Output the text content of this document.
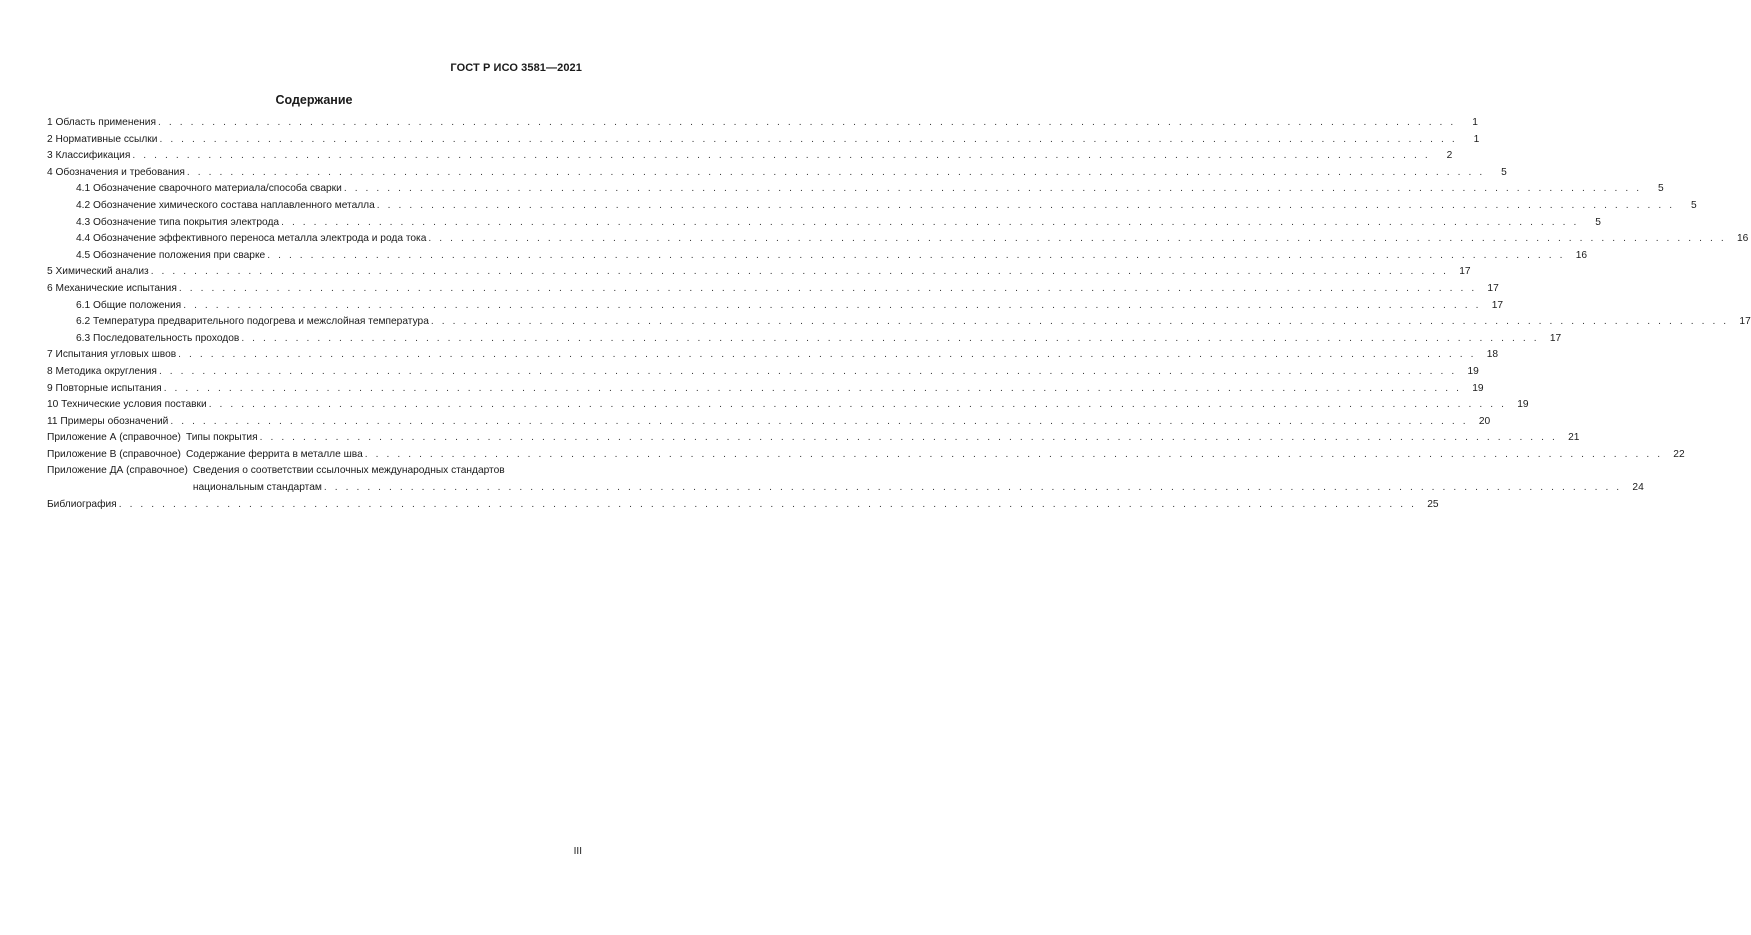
ГОСТ Р ИСО 3581—2021
Содержание
1 Область применения . . . . . . . . . . . . . . . . . . . . . . . . . . . . . . . . . . . . . . . . . . . . . . . . . . . . . . . . . . . . . . . . . . . . . . . . . . . . . . . . . . . . . . . . . . . . . . . . . . . . . . . . . . . . . . . . . . . . . . . .	1
2 Нормативные ссылки . . . . . . . . . . . . . . . . . . . . . . . . . . . . . . . . . . . . . . . . . . . . . . . . . . . . . . . . . . . . . . . . . . . . . . . . . . . . . . . . . . . . . . . . . . . . . . . . . . . . . . . . . . . . . . . . . . . . . . . .	1
3 Классификация . . . . . . . . . . . . . . . . . . . . . . . . . . . . . . . . . . . . . . . . . . . . . . . . . . . . . . . . . . . . . . . . . . . . . . . . . . . . . . . . . . . . . . . . . . . . . . . . . . . . . . . . . . . . . . . . . . . . . . . .	2
4 Обозначения и требования . . . . . . . . . . . . . . . . . . . . . . . . . . . . . . . . . . . . . . . . . . . . . . . . . . . . . . . . . . . . . . . . . . . . . . . . . . . . . . . . . . . . . . . . . . . . . . . . . . . . . . . . . . . . . . . . . . . . . . . .	5
4.1 Обозначение сварочного материала/способа сварки . . . . . . . . . . . . . . . . . . . . . . . . . . . . . . . . . . . . . . . . . . . . . . . . . . . . . . . . . . . . . . . . . . . . . . . . . . . . . . . . . . . . . . . . . . . . . . . . . . . . . . . . . . . . . . . . . . . . . . . .	5
4.2 Обозначение химического состава наплавленного металла . . . . . . . . . . . . . . . . . . . . . . . . . . . . . . . . . . . . . . . . . . . . . . . . . . . . . . . . . . . . . . . . . . . . . . . . . . . . . . . . . . . . . . . . . . . . . . . . . . . . . . . . . . . . . . . . . . . . . . . .	5
4.3 Обозначение типа покрытия электрода . . . . . . . . . . . . . . . . . . . . . . . . . . . . . . . . . . . . . . . . . . . . . . . . . . . . . . . . . . . . . . . . . . . . . . . . . . . . . . . . . . . . . . . . . . . . . . . . . . . . . . . . . . . . . . . . . . . . . . . .	5
4.4 Обозначение эффективного переноса металла электрода и рода тока . . . . . . . . . . . . . . . . . . . . . . . . . . . . . . . . . . . . . . . . . . . . . . . . . . . . . . . . . . . . . . . . . . . . . . . . . . . . . . . . . . . . . . . . . . . . . . . . . . . . . . . . . . . . . . . . . . . . . . . .	16
4.5 Обозначение положения при сварке . . . . . . . . . . . . . . . . . . . . . . . . . . . . . . . . . . . . . . . . . . . . . . . . . . . . . . . . . . . . . . . . . . . . . . . . . . . . . . . . . . . . . . . . . . . . . . . . . . . . . . . . . . . . . . . . . . . . . . . .	16
5 Химический анализ . . . . . . . . . . . . . . . . . . . . . . . . . . . . . . . . . . . . . . . . . . . . . . . . . . . . . . . . . . . . . . . . . . . . . . . . . . . . . . . . . . . . . . . . . . . . . . . . . . . . . . . . . . . . . . . . . . . . . . . .	17
6 Механические испытания . . . . . . . . . . . . . . . . . . . . . . . . . . . . . . . . . . . . . . . . . . . . . . . . . . . . . . . . . . . . . . . . . . . . . . . . . . . . . . . . . . . . . . . . . . . . . . . . . . . . . . . . . . . . . . . . . . . . . . . .	17
6.1 Общие положения . . . . . . . . . . . . . . . . . . . . . . . . . . . . . . . . . . . . . . . . . . . . . . . . . . . . . . . . . . . . . . . . . . . . . . . . . . . . . . . . . . . . . . . . . . . . . . . . . . . . . . . . . . . . . . . . . . . . . . . .	17
6.2 Температура предварительного подогрева и межслойная температура . . . . . . . . . . . . . . . . . . . . . . . . . . . . . . . . . . . . . . . . . . . . . . . . . . . . . . . . . . . . . . . . . . . . . . . . . . . . . . . . . . . . . . . . . . . . . . . . . . . . . . . . . . . . . . . . . . . . . . . .	17
6.3 Последовательность проходов . . . . . . . . . . . . . . . . . . . . . . . . . . . . . . . . . . . . . . . . . . . . . . . . . . . . . . . . . . . . . . . . . . . . . . . . . . . . . . . . . . . . . . . . . . . . . . . . . . . . . . . . . . . . . . . . . . . . . . . .	17
7 Испытания угловых швов . . . . . . . . . . . . . . . . . . . . . . . . . . . . . . . . . . . . . . . . . . . . . . . . . . . . . . . . . . . . . . . . . . . . . . . . . . . . . . . . . . . . . . . . . . . . . . . . . . . . . . . . . . . . . . . . . . . . . . . .	18
8 Методика округления . . . . . . . . . . . . . . . . . . . . . . . . . . . . . . . . . . . . . . . . . . . . . . . . . . . . . . . . . . . . . . . . . . . . . . . . . . . . . . . . . . . . . . . . . . . . . . . . . . . . . . . . . . . . . . . . . . . . . . . .	19
9 Повторные испытания . . . . . . . . . . . . . . . . . . . . . . . . . . . . . . . . . . . . . . . . . . . . . . . . . . . . . . . . . . . . . . . . . . . . . . . . . . . . . . . . . . . . . . . . . . . . . . . . . . . . . . . . . . . . . . . . . . . . . . . .	19
10 Технические условия поставки . . . . . . . . . . . . . . . . . . . . . . . . . . . . . . . . . . . . . . . . . . . . . . . . . . . . . . . . . . . . . . . . . . . . . . . . . . . . . . . . . . . . . . . . . . . . . . . . . . . . . . . . . . . . . . . . . . . . . . . .	19
11 Примеры обозначений . . . . . . . . . . . . . . . . . . . . . . . . . . . . . . . . . . . . . . . . . . . . . . . . . . . . . . . . . . . . . . . . . . . . . . . . . . . . . . . . . . . . . . . . . . . . . . . . . . . . . . . . . . . . . . . . . . . . . . . .	20
Приложение А (справочное) Типы покрытия . . . . . . . . . . . . . . . . . . . . . . . . . . . . . . . . . . . . . . . . . . . . . . . . . . . . . . . . . . . . . . . . . . . . . . . . . . . . . . . . . . . . . . . . . . . . . . . . . . . . . . . . . . . . . . . . . . . . . . . .	21
Приложение В (справочное) Содержание феррита в металле шва . . . . . . . . . . . . . . . . . . . . . . . . . . . . . . . . . . . . . . . . . . . . . . . . . . . . . . . . . . . . . . . . . . . . . . . . . . . . . . . . . . . . . . . . . . . . . . . . . . . . . . . . . . . . . . . . . . . . . . . .	22
Приложение ДА (справочное) Сведения о соответствии ссылочных международных стандартов
национальным стандартам . . . . . . . . . . . . . . . . . . . . . . . . . . . . . . . . . . . . . . . . . . . . . . . . . . . . . . . . . . . . . . . . . . . . . . . . . . . . . . . . . . . . . . . . . . . . . . . . . . . . . . . . . . . . . . . . . . . . . . . .	24
Библиография . . . . . . . . . . . . . . . . . . . . . . . . . . . . . . . . . . . . . . . . . . . . . . . . . . . . . . . . . . . . . . . . . . . . . . . . . . . . . . . . . . . . . . . . . . . . . . . . . . . . . . . . . . . . . . . . . . . . . . . .	25
III
